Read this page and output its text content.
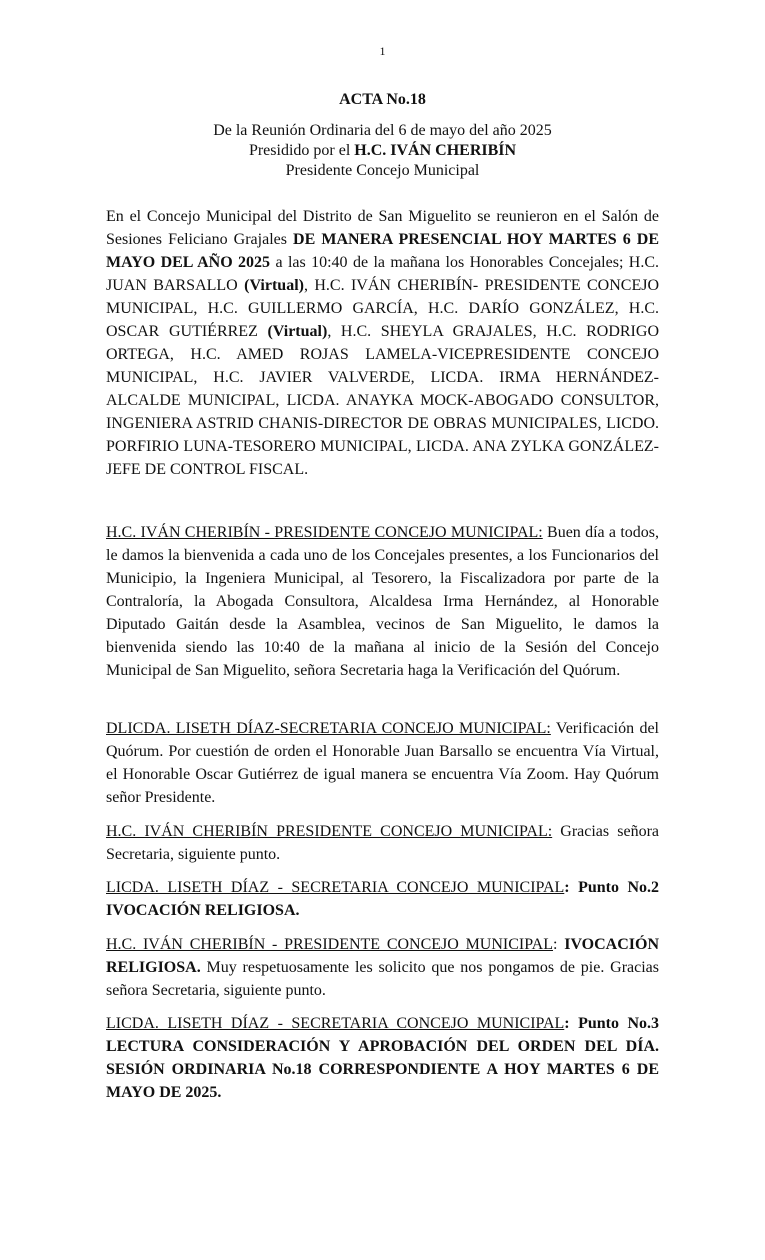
1
ACTA No.18
De la Reunión Ordinaria del 6 de mayo del año 2025
Presidido por el H.C. IVÁN CHERIBÍN
Presidente Concejo Municipal
En el Concejo Municipal del Distrito de San Miguelito se reunieron en el Salón de Sesiones Feliciano Grajales DE MANERA PRESENCIAL HOY MARTES 6 DE MAYO DEL AÑO 2025 a las 10:40 de la mañana los Honorables Concejales; H.C. JUAN BARSALLO (Virtual), H.C. IVÁN CHERIBÍN- PRESIDENTE CONCEJO MUNICIPAL, H.C. GUILLERMO GARCÍA, H.C. DARÍO GONZÁLEZ, H.C. OSCAR GUTIÉRREZ (Virtual), H.C. SHEYLA GRAJALES, H.C. RODRIGO ORTEGA, H.C. AMED ROJAS LAMELA-VICEPRESIDENTE CONCEJO MUNICIPAL, H.C. JAVIER VALVERDE, LICDA. IRMA HERNÁNDEZ-ALCALDE MUNICIPAL, LICDA. ANAYKA MOCK-ABOGADO CONSULTOR, INGENIERA ASTRID CHANIS-DIRECTOR DE OBRAS MUNICIPALES, LICDO. PORFIRIO LUNA-TESORERO MUNICIPAL, LICDA. ANA ZYLKA GONZÁLEZ-JEFE DE CONTROL FISCAL.
H.C. IVÁN CHERIBÍN - PRESIDENTE CONCEJO MUNICIPAL: Buen día a todos, le damos la bienvenida a cada uno de los Concejales presentes, a los Funcionarios del Municipio, la Ingeniera Municipal, al Tesorero, la Fiscalizadora por parte de la Contraloría, la Abogada Consultora, Alcaldesa Irma Hernández, al Honorable Diputado Gaitán desde la Asamblea, vecinos de San Miguelito, le damos la bienvenida siendo las 10:40 de la mañana al inicio de la Sesión del Concejo Municipal de San Miguelito, señora Secretaria haga la Verificación del Quórum.
DLICDA. LISETH DÍAZ-SECRETARIA CONCEJO MUNICIPAL: Verificación del Quórum. Por cuestión de orden el Honorable Juan Barsallo se encuentra Vía Virtual, el Honorable Oscar Gutiérrez de igual manera se encuentra Vía Zoom. Hay Quórum señor Presidente.
H.C. IVÁN CHERIBÍN PRESIDENTE CONCEJO MUNICIPAL: Gracias señora Secretaria, siguiente punto.
LICDA. LISETH DÍAZ - SECRETARIA CONCEJO MUNICIPAL: Punto No.2 IVOCACIÓN RELIGIOSA.
H.C. IVÁN CHERIBÍN - PRESIDENTE CONCEJO MUNICIPAL: IVOCACIÓN RELIGIOSA. Muy respetuosamente les solicito que nos pongamos de pie. Gracias señora Secretaria, siguiente punto.
LICDA. LISETH DÍAZ - SECRETARIA CONCEJO MUNICIPAL: Punto No.3 LECTURA CONSIDERACIÓN Y APROBACIÓN DEL ORDEN DEL DÍA. SESIÓN ORDINARIA No.18 CORRESPONDIENTE A HOY MARTES 6 DE MAYO DE 2025.
